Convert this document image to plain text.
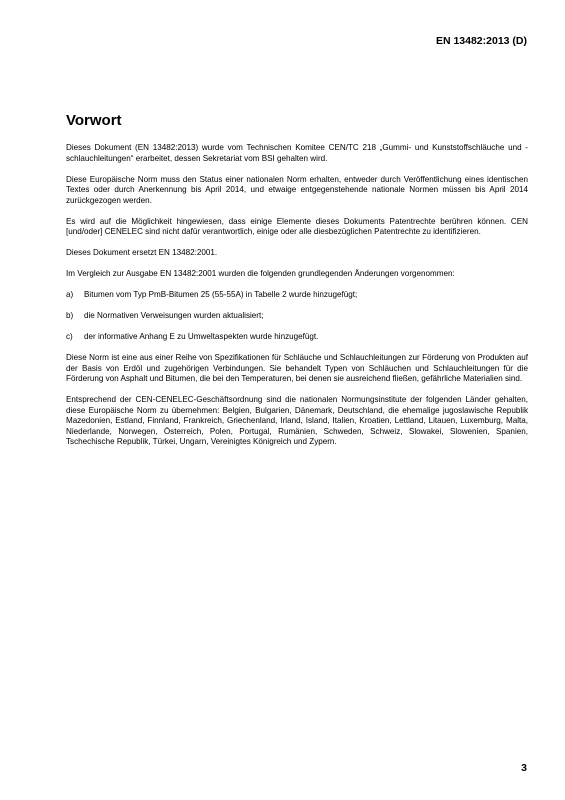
EN 13482:2013 (D)

Vorwort

Dieses Dokument (EN 13482:2013) wurde vom Technischen Komitee CEN/TC 218 „Gummi- und Kunststoffschläuche und -schlauchleitungen“ erarbeitet, dessen Sekretariat vom BSI gehalten wird.

Diese Europäische Norm muss den Status einer nationalen Norm erhalten, entweder durch Veröffentlichung eines identischen Textes oder durch Anerkennung bis April 2014, und etwaige entgegenstehende nationale Normen müssen bis April 2014 zurückgezogen werden.

Es wird auf die Möglichkeit hingewiesen, dass einige Elemente dieses Dokuments Patentrechte berühren können. CEN [und/oder] CENELEC sind nicht dafür verantwortlich, einige oder alle diesbezüglichen Patentrechte zu identifizieren.

Dieses Dokument ersetzt EN 13482:2001.

Im Vergleich zur Ausgabe EN 13482:2001 wurden die folgenden grundlegenden Änderungen vorgenommen:

a)	Bitumen vom Typ PmB-Bitumen 25 (55-55A) in Tabelle 2 wurde hinzugefügt;
b)	die Normativen Verweisungen wurden aktualisiert;
c)	der informative Anhang E zu Umweltaspekten wurde hinzugefügt.

Diese Norm ist eine aus einer Reihe von Spezifikationen für Schläuche und Schlauchleitungen zur Förderung von Produkten auf der Basis von Erdöl und zugehörigen Verbindungen. Sie behandelt Typen von Schläuchen und Schlauchleitungen für die Förderung von Asphalt und Bitumen, die bei den Temperaturen, bei denen sie ausreichend fließen, gefährliche Materialien sind.

Entsprechend der CEN-CENELEC-Geschäftsordnung sind die nationalen Normungsinstitute der folgenden Länder gehalten, diese Europäische Norm zu übernehmen: Belgien, Bulgarien, Dänemark, Deutschland, die ehemalige jugoslawische Republik Mazedonien, Estland, Finnland, Frankreich, Griechenland, Irland, Island, Italien, Kroatien, Lettland, Litauen, Luxemburg, Malta, Niederlande, Norwegen, Österreich, Polen, Portugal, Rumänien, Schweden, Schweiz, Slowakei, Slowenien, Spanien, Tschechische Republik, Türkei, Ungarn, Vereinigtes Königreich und Zypern.

3
